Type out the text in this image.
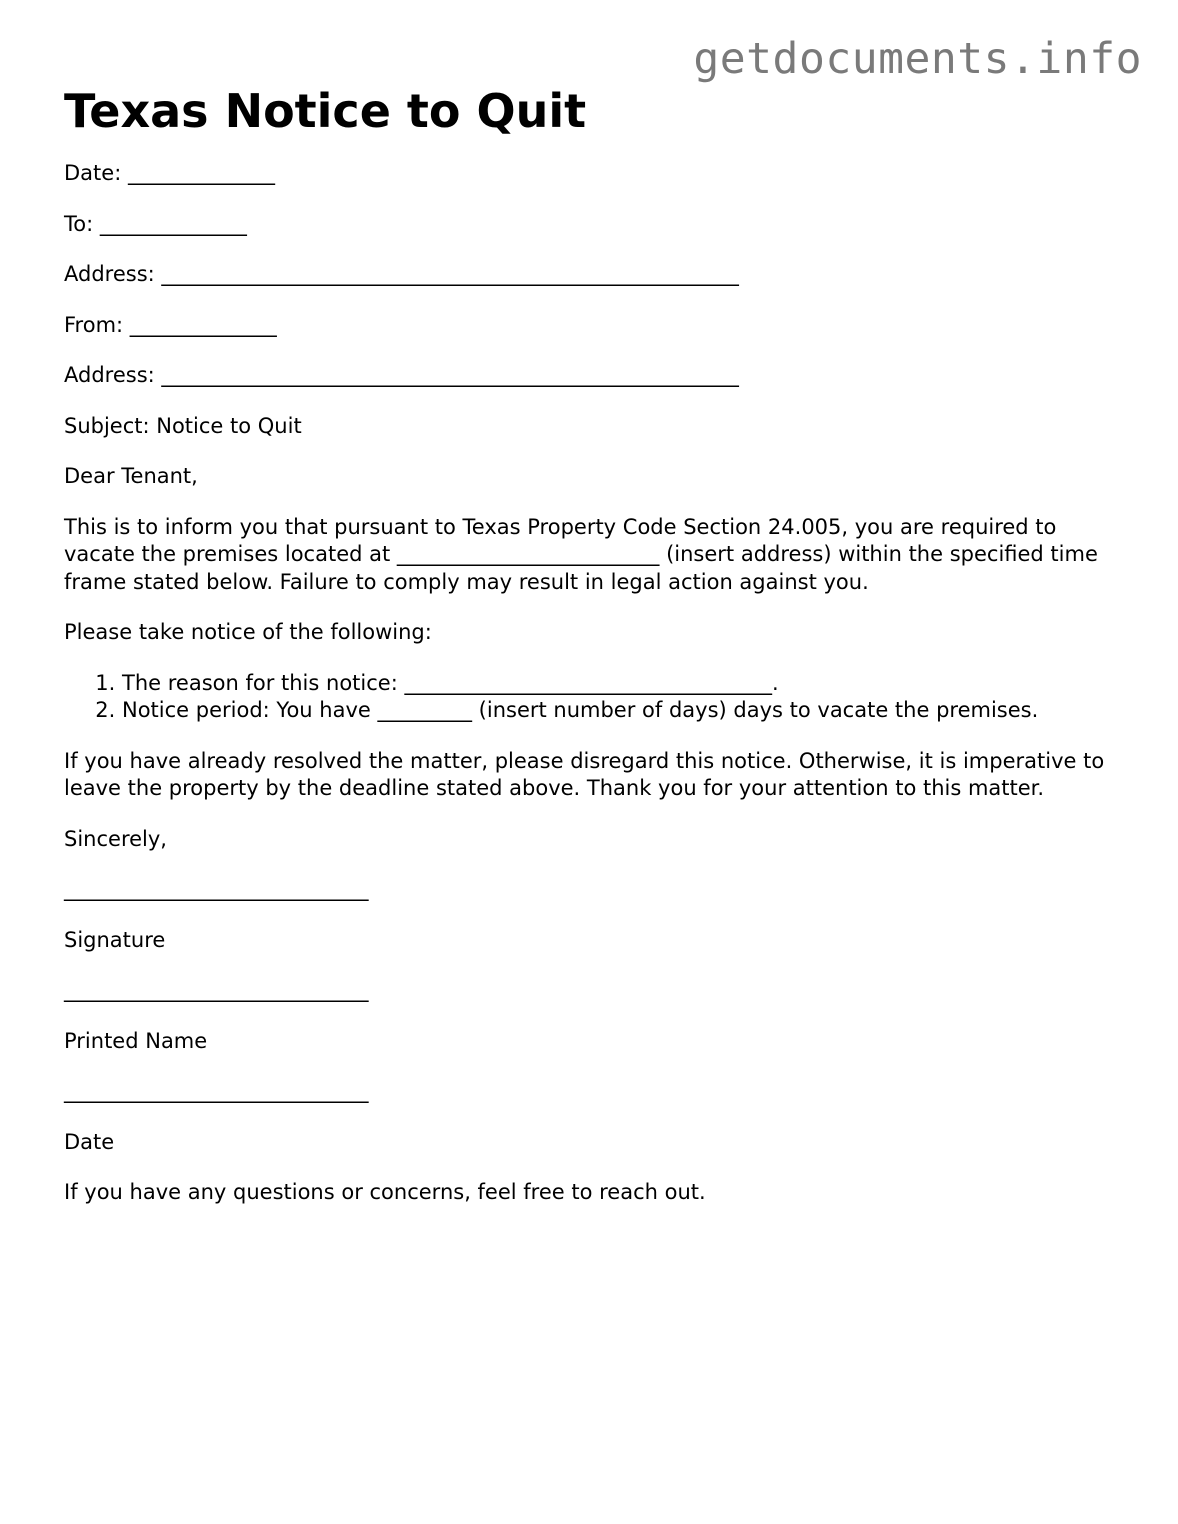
getdocuments.info
Texas Notice to Quit

Date: ______________

To: ______________

Address: _______________________________________________________

From: ______________

Address: _______________________________________________________

Subject: Notice to Quit

Dear Tenant,

This is to inform you that pursuant to Texas Property Code Section 24.005, you are required to vacate the premises located at _________________________ (insert address) within the specified time frame stated below. Failure to comply may result in legal action against you.

Please take notice of the following:

1. The reason for this notice: ___________________________________.
2. Notice period: You have _________ (insert number of days) days to vacate the premises.

If you have already resolved the matter, please disregard this notice. Otherwise, it is imperative to leave the property by the deadline stated above. Thank you for your attention to this matter.

Sincerely,

_____________________________

Signature

_____________________________

Printed Name

_____________________________

Date

If you have any questions or concerns, feel free to reach out.
